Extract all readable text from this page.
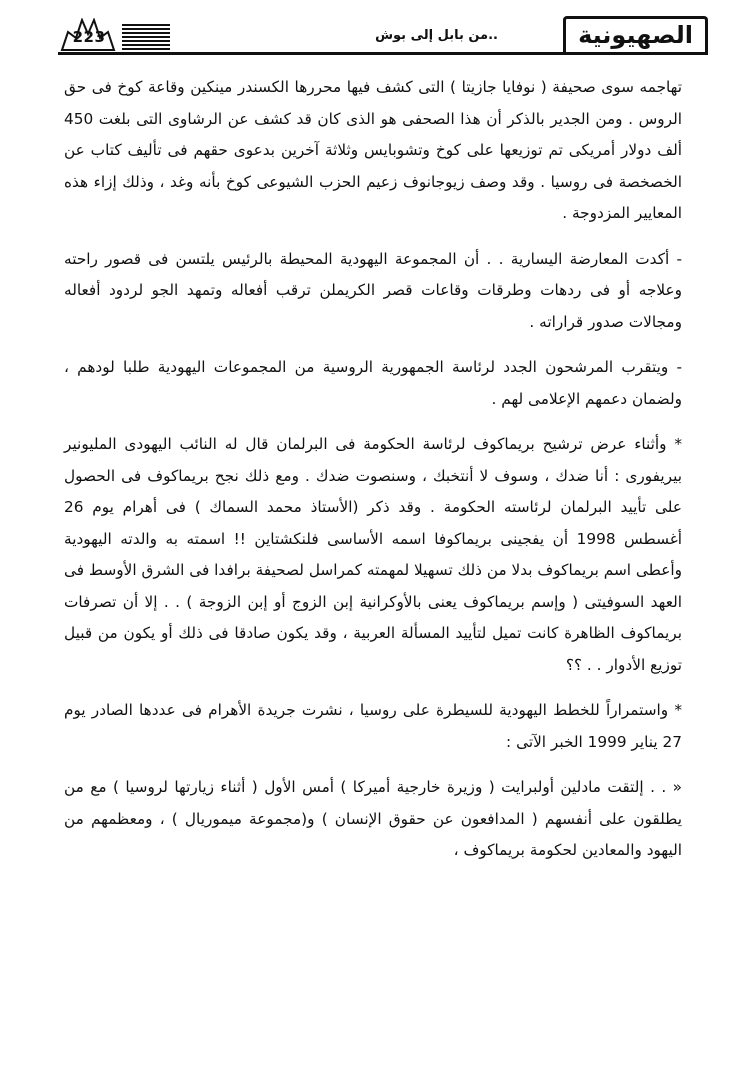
223	..من بابل إلى بوش	الصهيونية

تهاجمه سوى صحيفة ( نوفايا جازيتا ) التى كشف فيها محررها الكسندر مينكين وقاعة كوخ فى حق الروس . ومن الجدير بالذكر أن هذا الصحفى هو الذى كان قد كشف عن الرشاوى التى بلغت 450 ألف دولار أمريكى تم توزيعها على كوخ وتشوبايس وثلاثة آخرين بدعوى حقهم فى تأليف كتاب عن الخصخصة فى روسيا . وقد وصف زيوجانوف زعيم الحزب الشيوعى كوخ بأنه وغد ، وذلك إزاء هذه المعايير المزدوجة .

- أكدت المعارضة اليسارية . . أن المجموعة اليهودية المحيطة بالرئيس يلتسن فى قصور راحته وعلاجه أو فى ردهات وطرقات وقاعات قصر الكريملن ترقب أفعاله وتمهد الجو لردود أفعاله ومجالات صدور قراراته .

- ويتقرب المرشحون الجدد لرئاسة الجمهورية الروسية من المجموعات اليهودية طلبا لودهم ، ولضمان دعمهم الإعلامى لهم .

* وأثناء عرض ترشيح بريماكوف لرئاسة الحكومة فى البرلمان قال له النائب اليهودى المليونير بيريفورى : أنا ضدك ، وسوف لا أنتخبك ، وسنصوت ضدك . ومع ذلك نجح بريماكوف فى الحصول على تأييد البرلمان لرئاسته الحكومة . وقد ذكر (الأستاذ محمد السماك ) فى أهرام يوم 26 أغسطس 1998 أن يفجينى بريماكوفا اسمه الأساسى فلنكشتاين !! اسمته به والدته اليهودية وأعطى اسم بريماكوف بدلا من ذلك تسهيلا لمهمته كمراسل لصحيفة برافدا فى الشرق الأوسط فى العهد السوفيتى ( وإسم بريماكوف يعنى بالأوكرانية إبن الزوج أو إبن الزوجة ) . . إلا أن تصرفات بريماكوف الظاهرة كانت تميل لتأييد المسألة العربية ، وقد يكون صادقا فى ذلك أو يكون من قبيل توزيع الأدوار . . ؟؟

* واستمراراً للخطط اليهودية للسيطرة على روسيا ، نشرت جريدة الأهرام فى عددها الصادر يوم 27 يناير 1999 الخبر الآتى :

« . . إلتقت مادلين أولبرايت ( وزيرة خارجية أميركا ) أمس الأول ( أثناء زيارتها لروسيا ) مع من يطلقون على أنفسهم ( المدافعون عن حقوق الإنسان ) و(مجموعة ميموريال ) ، ومعظمهم من اليهود والمعادين لحكومة بريماكوف ،
